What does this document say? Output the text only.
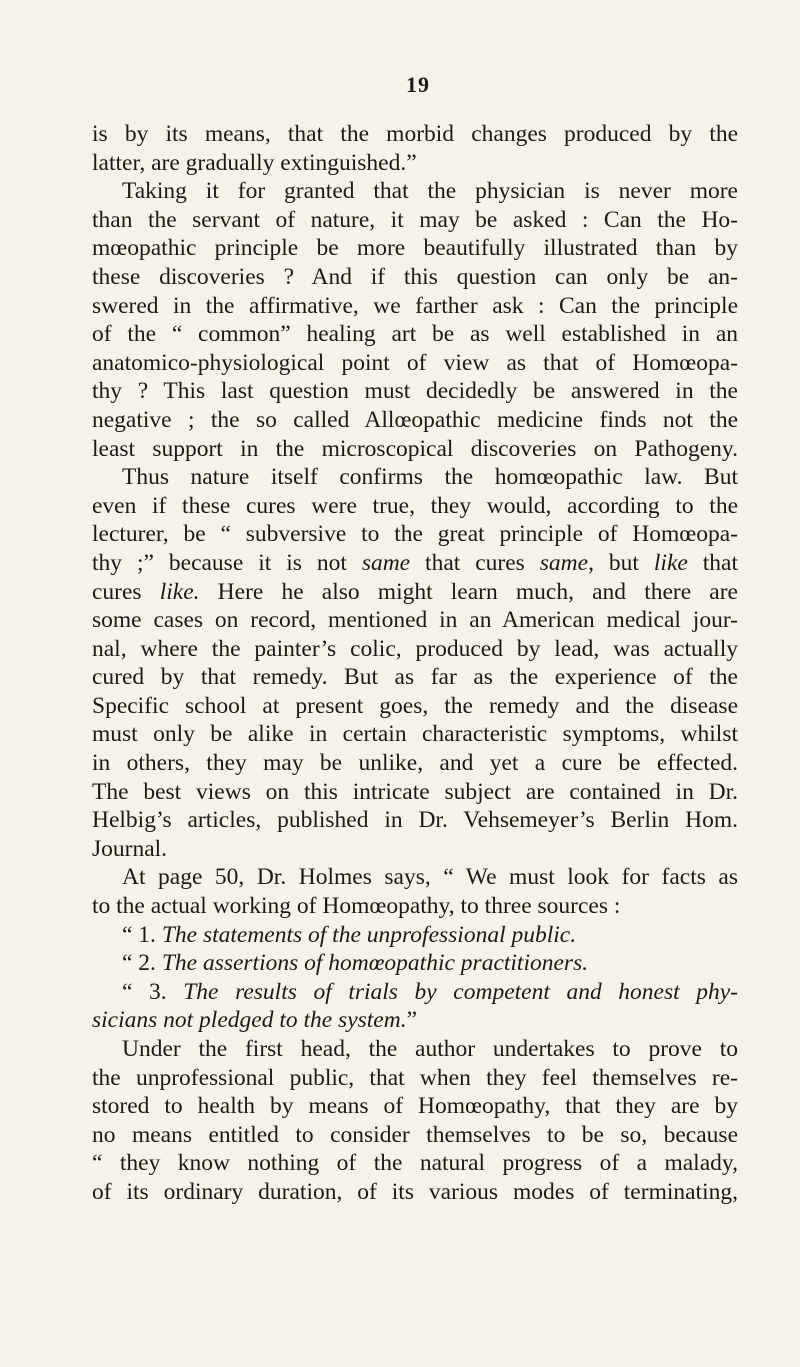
19
is by its means, that the morbid changes produced by the
latter, are gradually extinguished.”
Taking it for granted that the physician is never more
than the servant of nature, it may be asked : Can the Ho-
mœopathic principle be more beautifully illustrated than by
these discoveries ? And if this question can only be an-
swered in the affirmative, we farther ask : Can the principle
of the “ common” healing art be as well established in an
anatomico-physiological point of view as that of Homœopa-
thy ? This last question must decidedly be answered in the
negative ; the so called Allœopathic medicine finds not the
least support in the microscopical discoveries on Pathogeny.
Thus nature itself confirms the homœopathic law. But
even if these cures were true, they would, according to the
lecturer, be “ subversive to the great principle of Homœopa-
thy ;” because it is not same that cures same, but like that
cures like. Here he also might learn much, and there are
some cases on record, mentioned in an American medical jour-
nal, where the painter’s colic, produced by lead, was actually
cured by that remedy. But as far as the experience of the
Specific school at present goes, the remedy and the disease
must only be alike in certain characteristic symptoms, whilst
in others, they may be unlike, and yet a cure be effected.
The best views on this intricate subject are contained in Dr.
Helbig’s articles, published in Dr. Vehsemeyer’s Berlin Hom.
Journal.
At page 50, Dr. Holmes says, “ We must look for facts as
to the actual working of Homœopathy, to three sources :
“ 1. The statements of the unprofessional public.
“ 2. The assertions of homœopathic practitioners.
“ 3. The results of trials by competent and honest phy-
sicians not pledged to the system.”
Under the first head, the author undertakes to prove to
the unprofessional public, that when they feel themselves re-
stored to health by means of Homœopathy, that they are by
no means entitled to consider themselves to be so, because
“ they know nothing of the natural progress of a malady,
of its ordinary duration, of its various modes of terminating,
